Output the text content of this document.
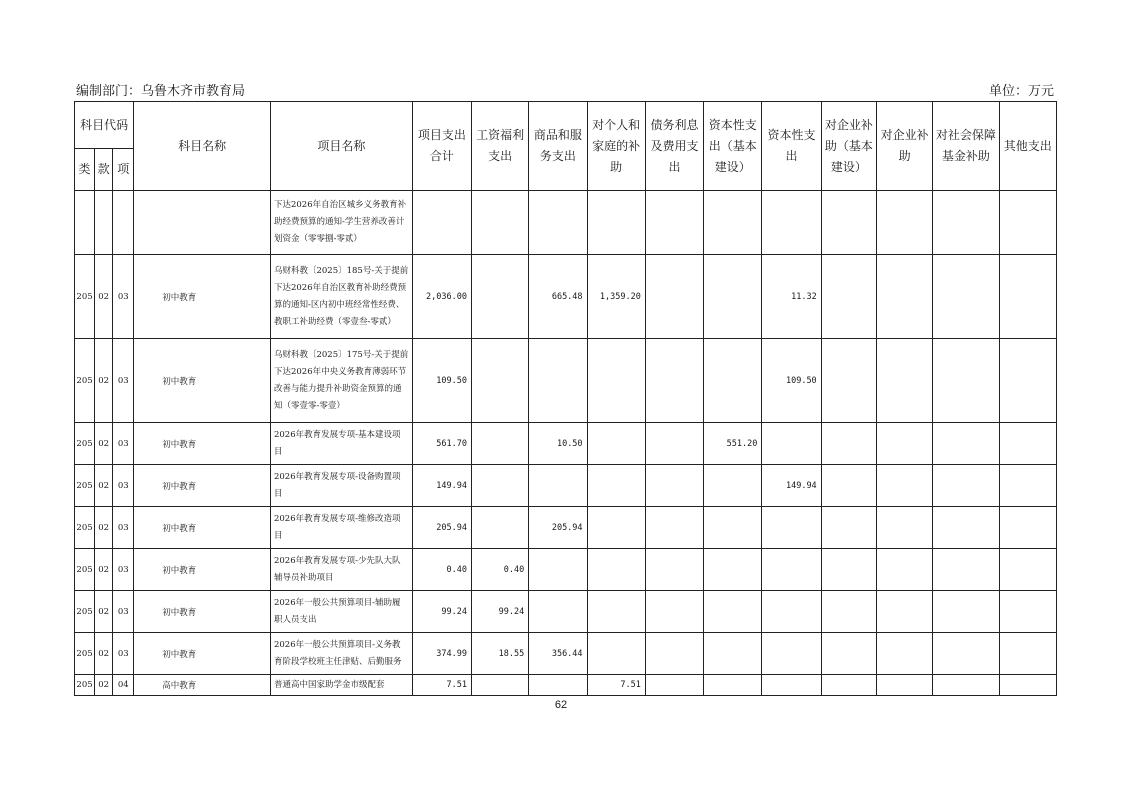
编制部门：乌鲁木齐市教育局	单位：万元
科目代码			科目名称	项目名称	项目支出合计	工资福利支出	商品和服务支出	对个人和家庭的补助	债务利息及费用支出	资本性支出（基本建设）	资本性支出	对企业补助（基本建设）	对企业补助	对社会保障基金补助	其他支出
类	款	项													
				下达2026年自治区城乡义务教育补助经费预算的通知-学生营养改善计划资金（零零捌-零贰）											
205	02	03	初中教育	乌财科教〔2025〕185号-关于提前下达2026年自治区教育补助经费预算的通知-区内初中班经常性经费、教职工补助经费（零壹叁-零贰）	2,036.00		665.48	1,359.20			11.32				
205	02	03	初中教育	乌财科教〔2025〕175号-关于提前下达2026年中央义务教育薄弱环节改善与能力提升补助资金预算的通知（零壹零-零壹）	109.50						109.50				
205	02	03	初中教育	2026年教育发展专项-基本建设项目	561.70		10.50			551.20					
205	02	03	初中教育	2026年教育发展专项-设备购置项目	149.94						149.94				
205	02	03	初中教育	2026年教育发展专项-维修改造项目	205.94		205.94								
205	02	03	初中教育	2026年教育发展专项-少先队大队辅导员补助项目	0.40	0.40									
205	02	03	初中教育	2026年一般公共预算项目-辅助履职人员支出	99.24	99.24									
205	02	03	初中教育	2026年一般公共预算项目-义务教育阶段学校班主任津贴、后勤服务	374.99	18.55	356.44								
205	02	04	高中教育	普通高中国家助学金市级配套	7.51			7.51							
62
